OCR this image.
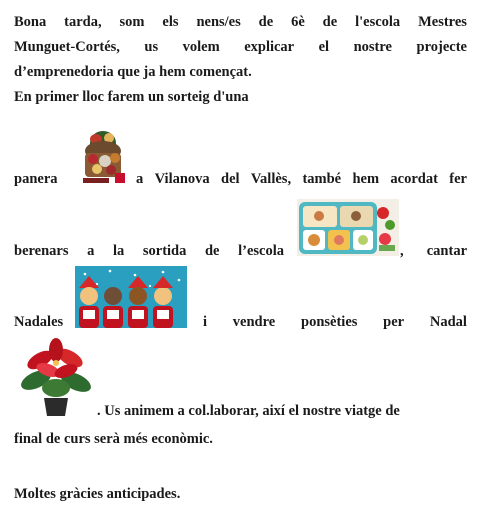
Bona tarda, som els nens/es de 6è de l'escola Mestres
Munguet-Cortés, us volem explicar el nostre projecte
d’emprenedoria que ja hem començat.
En primer lloc farem un sorteig d'una
panera	a Vilanova del Vallès, també hem acordat fer
berenars a la sortida de l’escola	, cantar
Nadales	i vendre ponsèties per Nadal
. Us animem a col.laborar, així el nostre viatge de
final de curs serà més econòmic.
Moltes gràcies anticipades.
